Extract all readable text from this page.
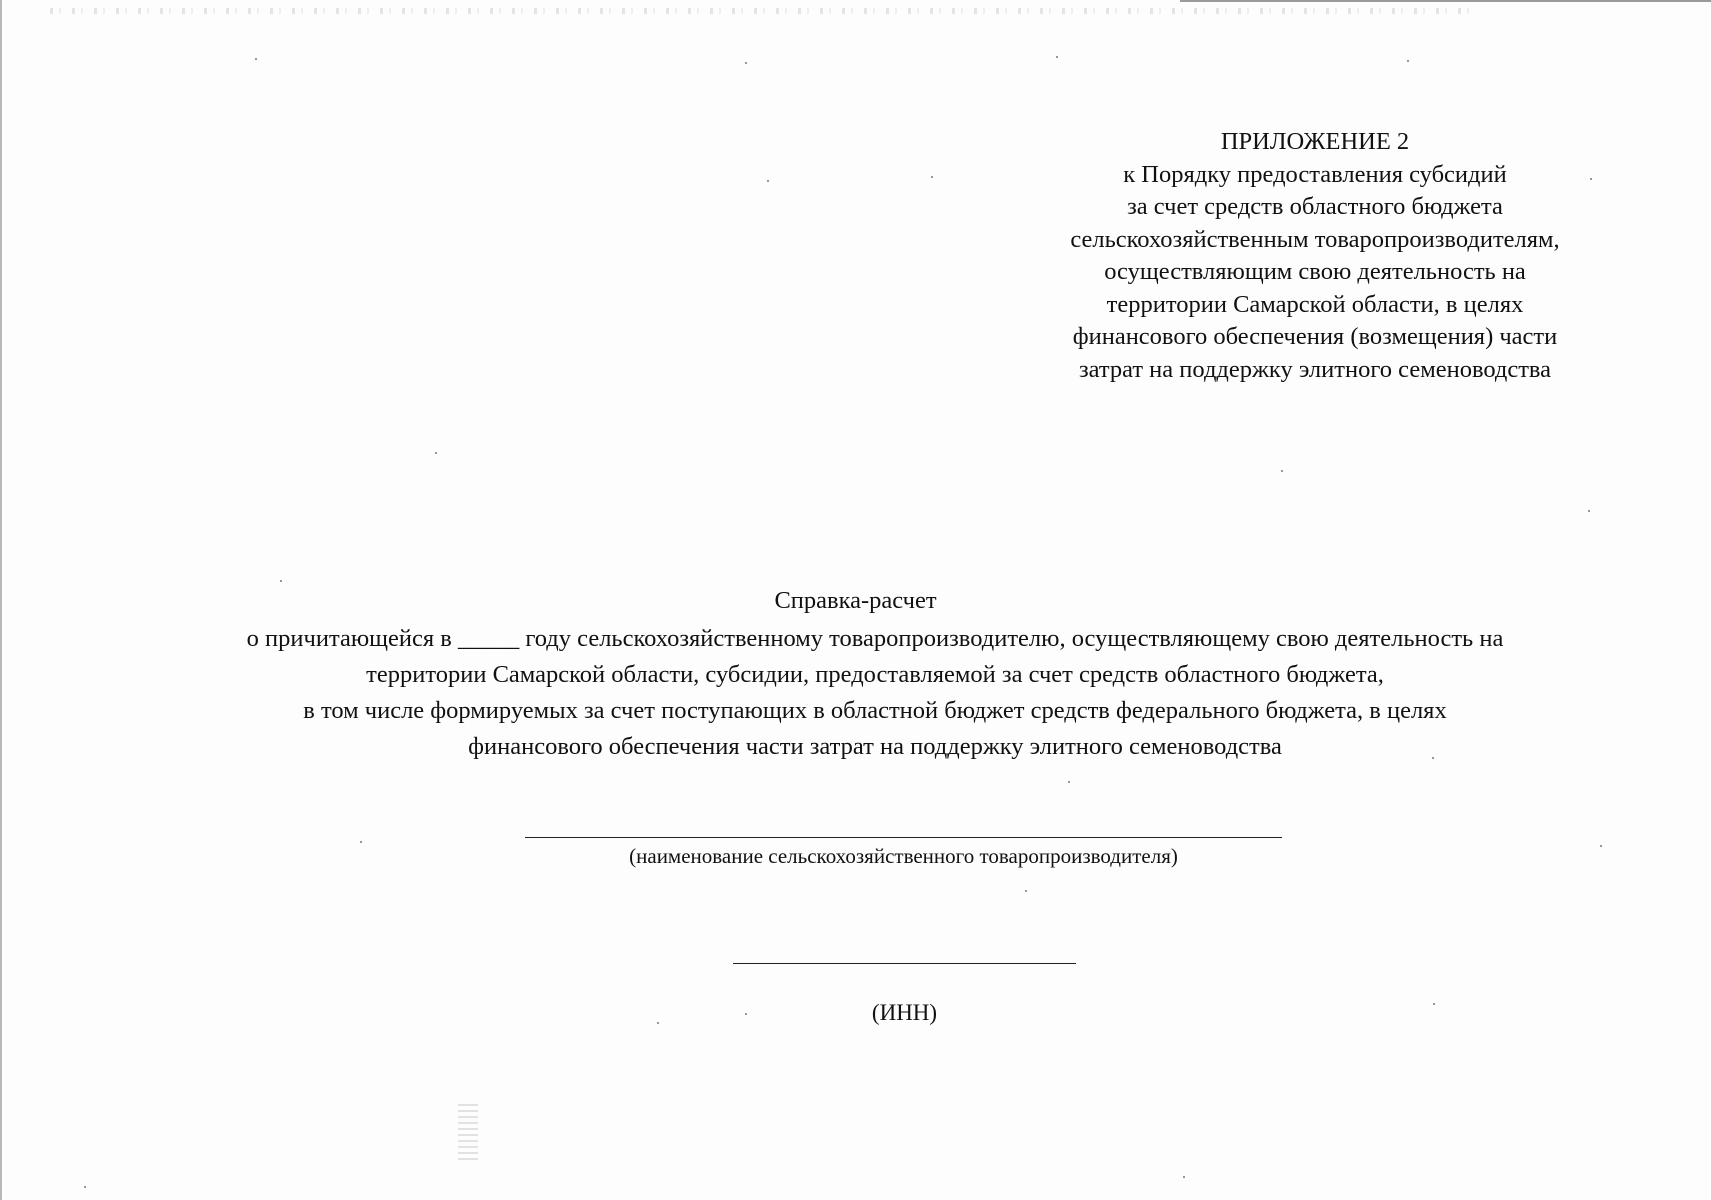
ПРИЛОЖЕНИЕ 2
к Порядку предоставления субсидий
за счет средств областного бюджета
сельскохозяйственным товаропроизводителям,
осуществляющим свою деятельность на
территории Самарской области, в целях
финансового обеспечения (возмещения) части
затрат на поддержку элитного семеноводства
Справка-расчет
о причитающейся в _____ году сельскохозяйственному товаропроизводителю, осуществляющему свою деятельность на
территории Самарской области, субсидии, предоставляемой за счет средств областного бюджета,
в том числе формируемых за счет поступающих в областной бюджет средств федерального бюджета, в целях
финансового обеспечения части затрат на поддержку элитного семеноводства
(наименование сельскохозяйственного товаропроизводителя)
(ИНН)
